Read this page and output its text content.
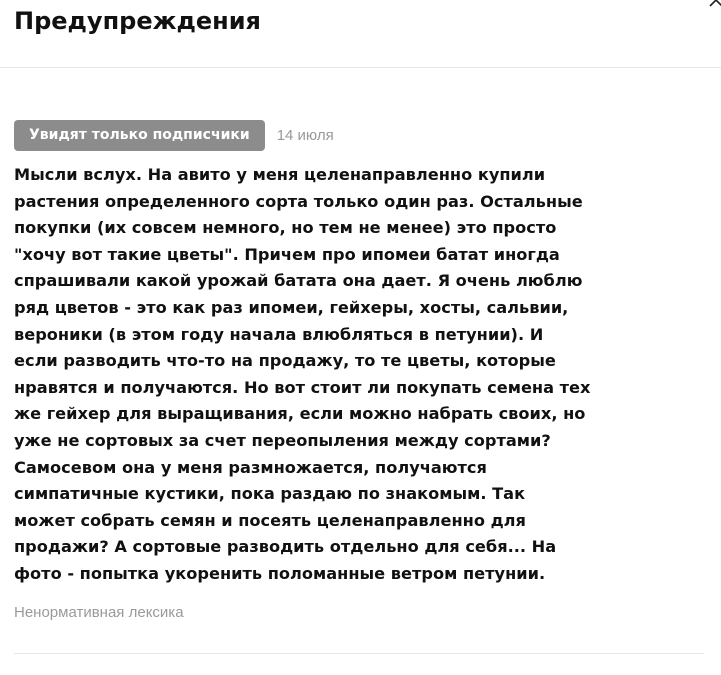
Предупреждения
Увидят только подписчики	14 июля
Мысли вслух. На авито у меня целенаправленно купили
растения определенного сорта только один раз. Остальные
покупки (их совсем немного, но тем не менее) это просто
"хочу вот такие цветы". Причем про ипомеи батат иногда
спрашивали какой урожай батата она дает. Я очень люблю
ряд цветов - это как раз ипомеи, гейхеры, хосты, сальвии,
вероники (в этом году начала влюбляться в петунии). И
если разводить что-то на продажу, то те цветы, которые
нравятся и получаются. Но вот стоит ли покупать семена тех
же гейхер для выращивания, если можно набрать своих, но
уже не сортовых за счет переопыления между сортами?
Самосевом она у меня размножается, получаются
симпатичные кустики, пока раздаю по знакомым. Так
может собрать семян и посеять целенаправленно для
продажи? А сортовые разводить отдельно для себя... На
фото - попытка укоренить поломанные ветром петунии.
Ненормативная лексика
